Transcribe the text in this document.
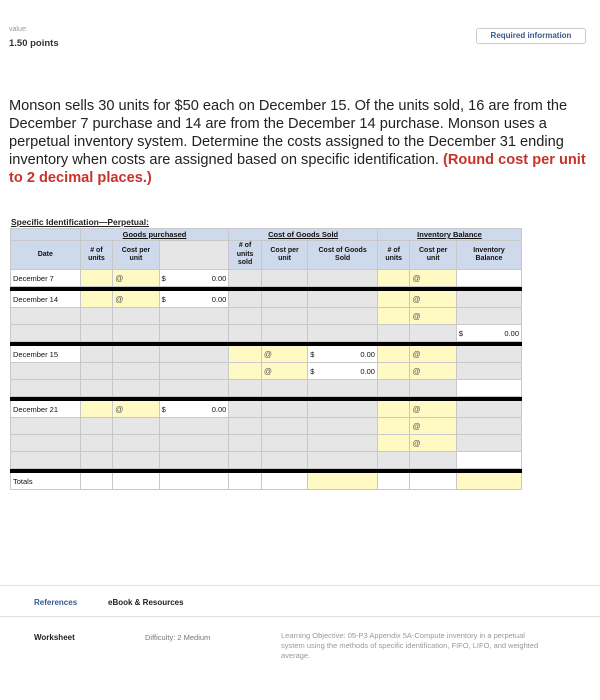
value:
1.50 points
Required information
Monson sells 30 units for $50 each on December 15. Of the units sold, 16 are from the December 7 purchase and 14 are from the December 14 purchase. Monson uses a perpetual inventory system. Determine the costs assigned to the December 31 ending inventory when costs are assigned based on specific identification. (Round cost per unit to 2 decimal places.)
Specific Identification—Perpetual:
	Goods purchased			Cost of Goods Sold			Inventory Balance		
Date	# of units	Cost per unit		# of units sold	Cost per unit	Cost of Goods Sold	# of units	Cost per unit	Inventory Balance
December 7		@	$ 0.00					@	

December 14		@	$ 0.00					@	
								@	

									$ 0.00

December 15					@	$ 0.00		@	
					@	$ 0.00		@	

December 21		@	$ 0.00					@	
								@	
								@	

Totals									
References	eBook & Resources
Worksheet	Difficulty: 2 Medium	Learning Objective: 05-P3 Appendix 5A-Compute inventory in a perpetual system using the methods of specific identification, FIFO, LIFO, and weighted average.
